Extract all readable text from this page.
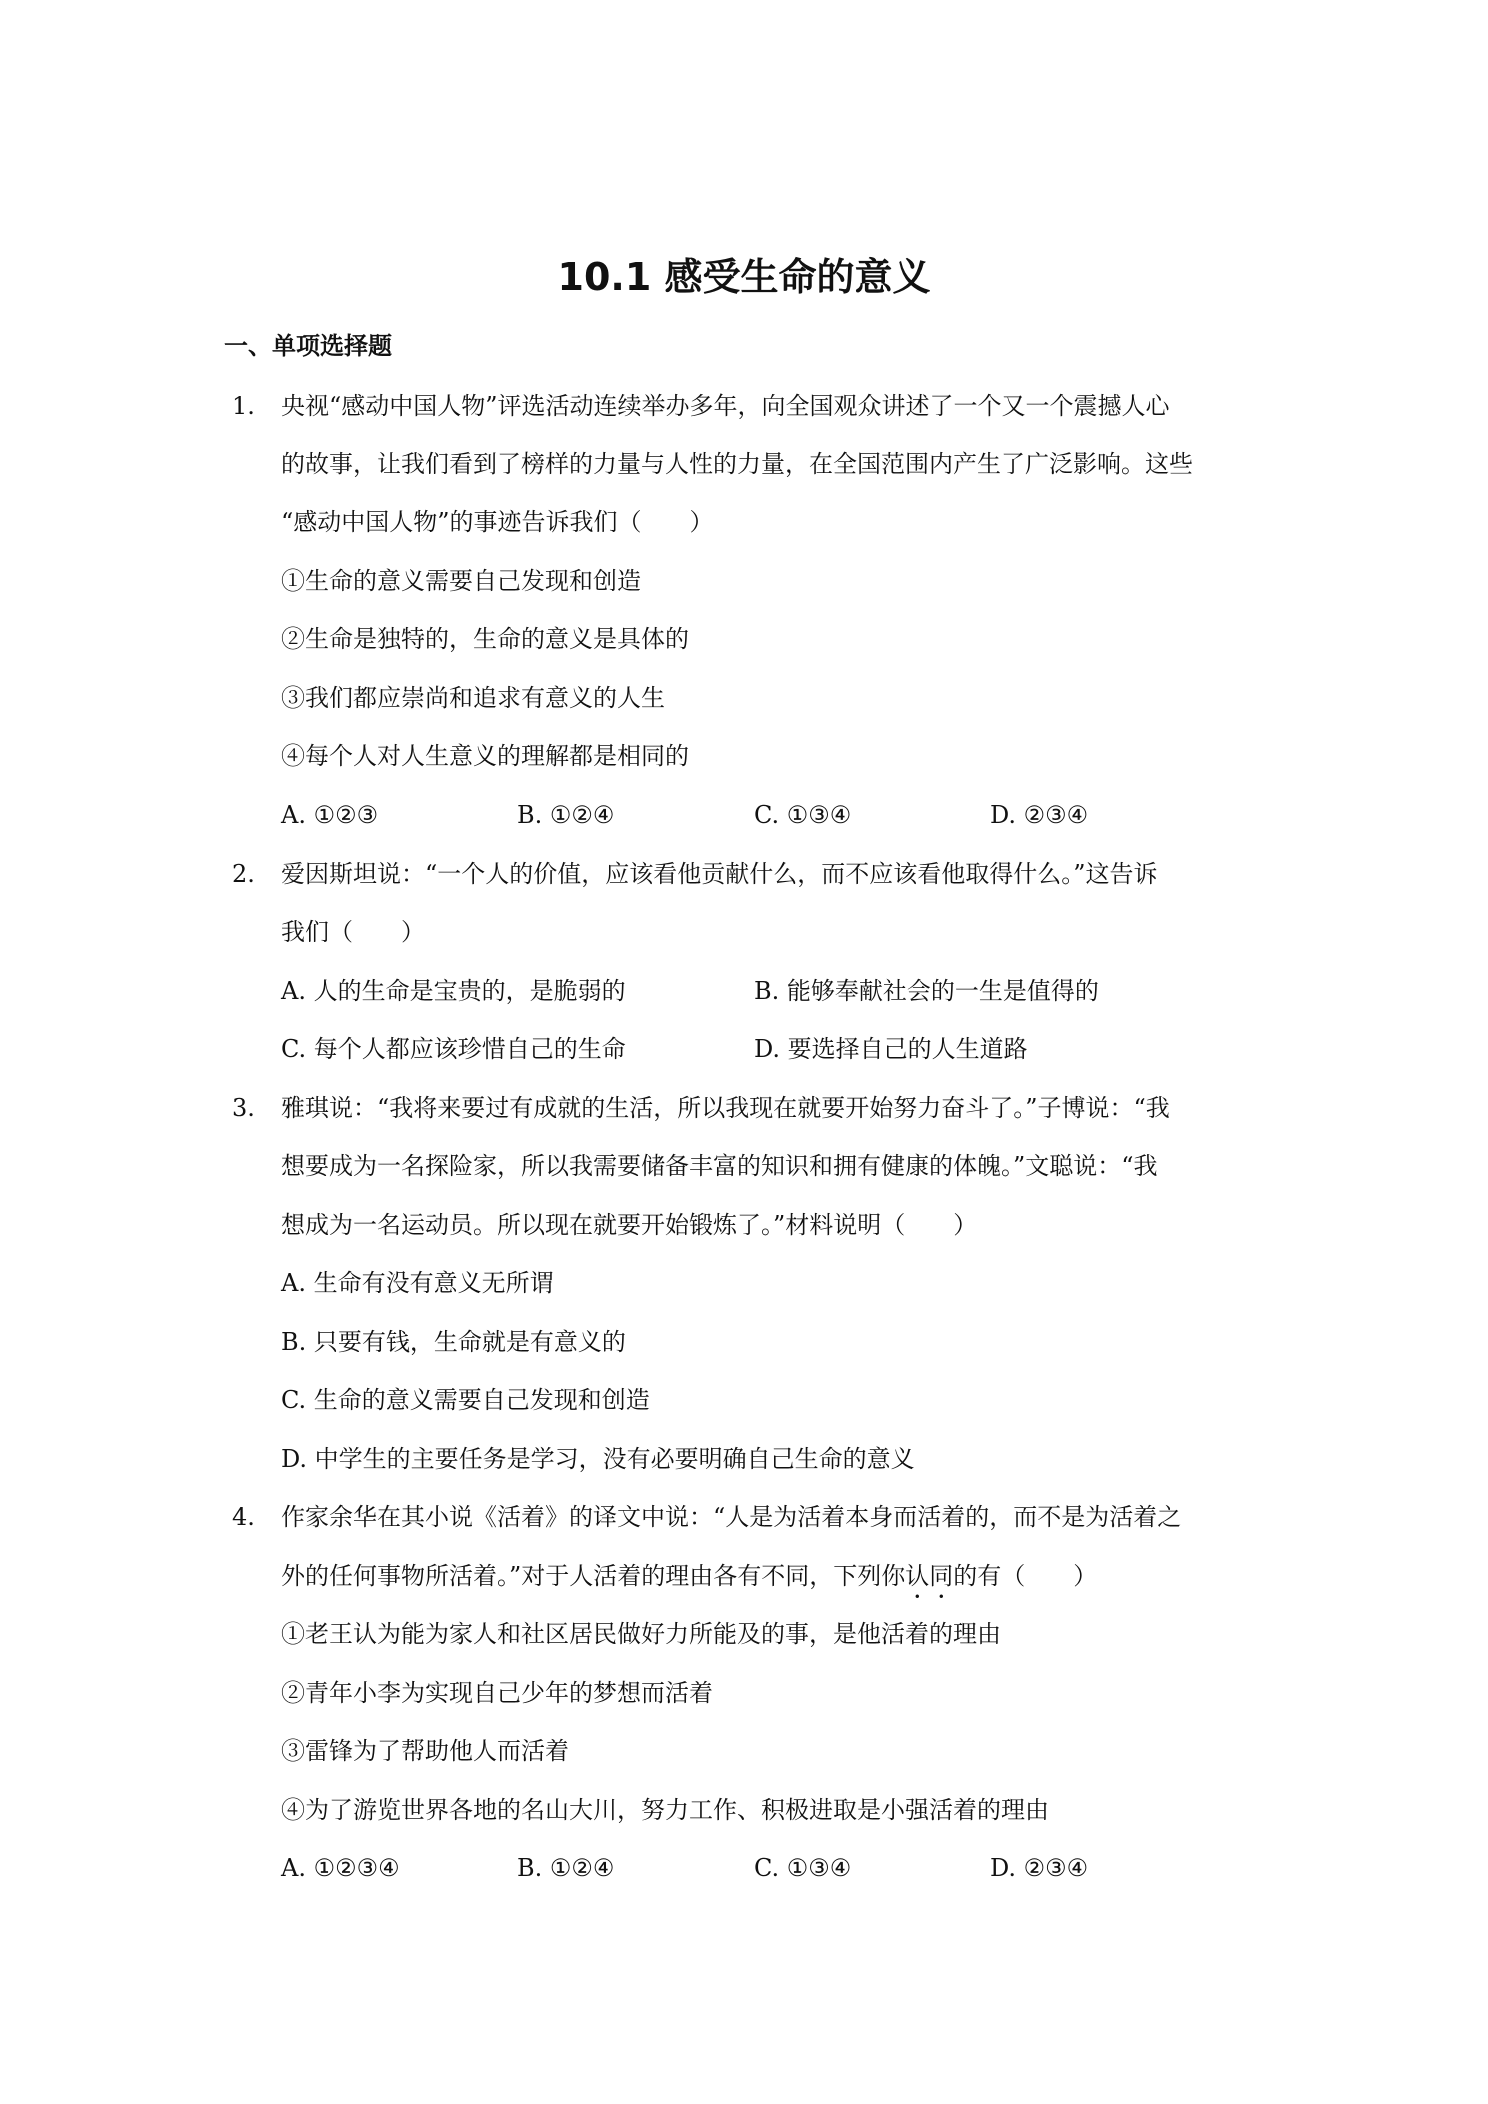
10.1 感受生命的意义
一、单项选择题
1. 央视“感动中国人物”评选活动连续举办多年，向全国观众讲述了一个又一个震撼人心
的故事，让我们看到了榜样的力量与人性的力量，在全国范围内产生了广泛影响。这些
“感动中国人物”的事迹告诉我们（　　）
①生命的意义需要自己发现和创造
②生命是独特的，生命的意义是具体的
③我们都应崇尚和追求有意义的人生
④每个人对人生意义的理解都是相同的
A. ①②③	B. ①②④	C. ①③④	D. ②③④
2. 爱因斯坦说：“一个人的价值，应该看他贡献什么，而不应该看他取得什么。”这告诉
我们（　　）
A. 人的生命是宝贵的，是脆弱的	B. 能够奉献社会的一生是值得的
C. 每个人都应该珍惜自己的生命	D. 要选择自己的人生道路
3. 雅琪说：“我将来要过有成就的生活，所以我现在就要开始努力奋斗了。”子博说：“我
想要成为一名探险家，所以我需要储备丰富的知识和拥有健康的体魄。”文聪说：“我
想成为一名运动员。所以现在就要开始锻炼了。”材料说明（　　）
A. 生命有没有意义无所谓
B. 只要有钱，生命就是有意义的
C. 生命的意义需要自己发现和创造
D. 中学生的主要任务是学习，没有必要明确自己生命的意义
4. 作家余华在其小说《活着》的译文中说：“人是为活着本身而活着的，而不是为活着之
外的任何事物所活着。”对于人活着的理由各有不同，下列你认同的有（　　）
①老王认为能为家人和社区居民做好力所能及的事，是他活着的理由
②青年小李为实现自己少年的梦想而活着
③雷锋为了帮助他人而活着
④为了游览世界各地的名山大川，努力工作、积极进取是小强活着的理由
A. ①②③④	B. ①②④	C. ①③④	D. ②③④
